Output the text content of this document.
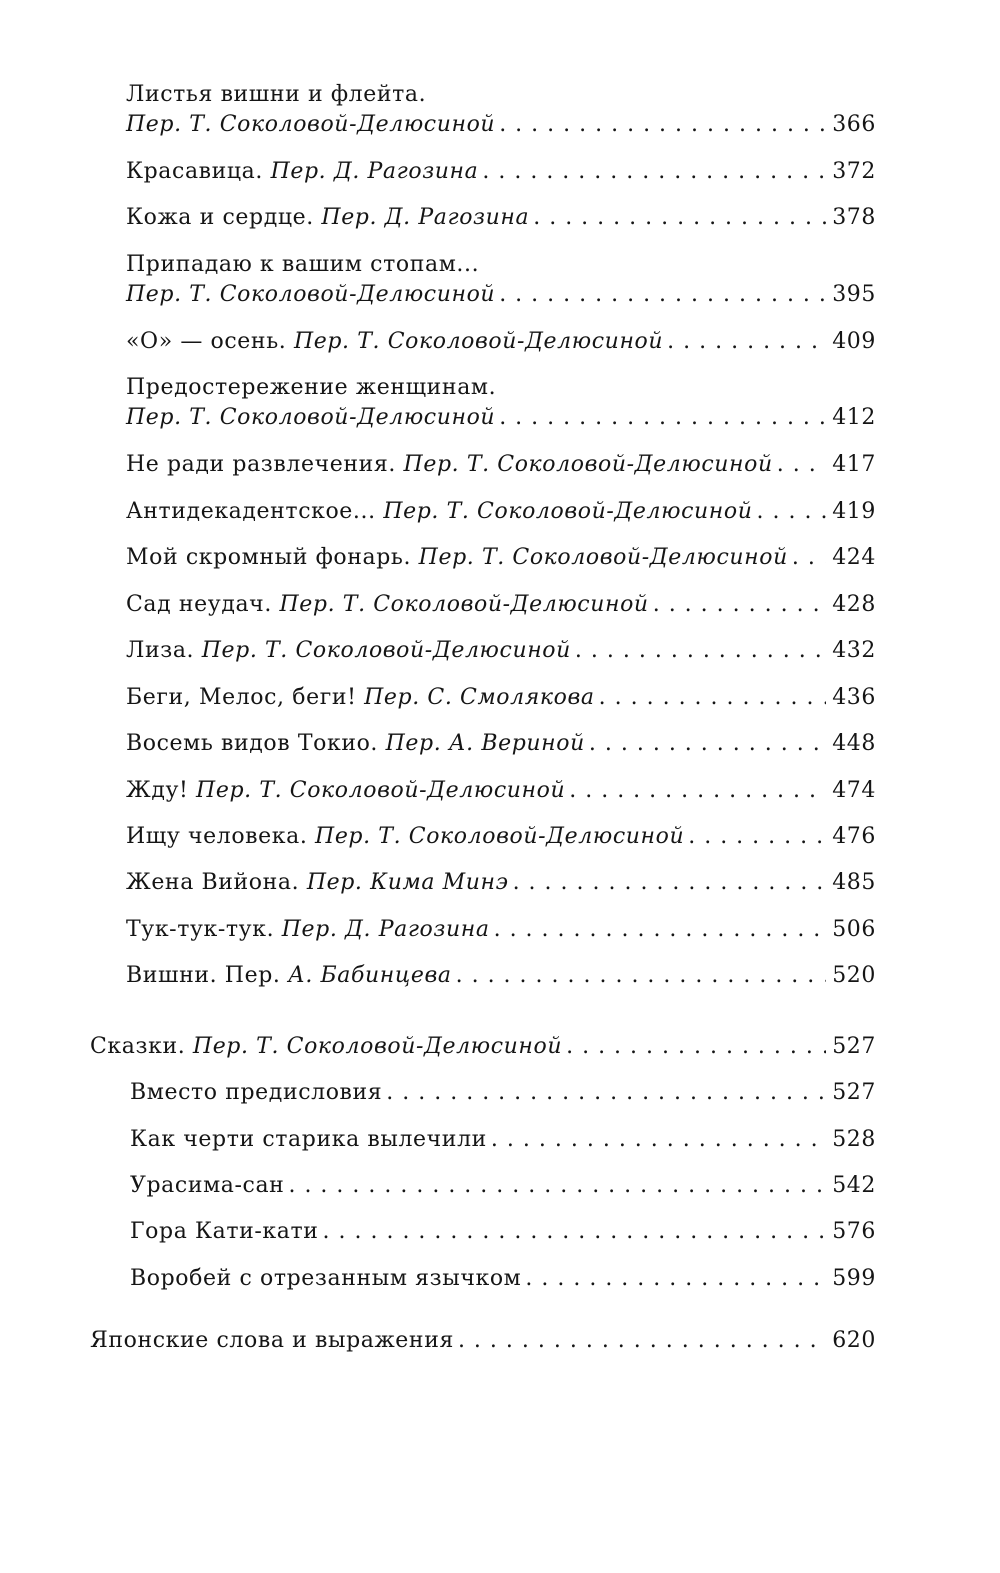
Листья вишни и флейта.
Пер. Т. Соколовой-Делюсиной . . .	366
Красавица.
Пер. Д. Рагозина . . .	372
Кожа и сердце.
Пер. Д. Рагозина . . .	378
Припадаю к вашим стопам...
Пер. Т. Соколовой-Делюсиной . . .	395
«О» — осень.
Пер. Т. Соколовой-Делюсиной . . .	409
Предостережение женщинам.
Пер. Т. Соколовой-Делюсиной . . .	412
Не ради развлечения.
Пер. Т. Соколовой-Делюсиной . . .	417
Антидекадентское...
Пер. Т. Соколовой-Делюсиной . . .	419
Мой скромный фонарь.
Пер. Т. Соколовой-Делюсиной . . . 424
Сад неудач.
Пер. Т. Соколовой-Делюсиной . . .	428
Лиза.
Пер. Т. Соколовой-Делюсиной . . .	432
Беги, Мелос, беги!
Пер. С. Смолякова . . .	436
Восемь видов Токио.
Пер. А. Вериной . . .	448
Жду!
Пер. Т. Соколовой-Делюсиной . . .	474
Ищу человека.
Пер. Т. Соколовой-Делюсиной . . .	476
Жена Вийона.
Пер. Кима Минэ . . .	485
Тук-тук-тук.
Пер. Д. Рагозина . . .	506
Вишни. Пер.
А. Бабинцева . . .	520
Сказки.
Пер. Т. Соколовой-Делюсиной . . .	527
Вместо предисловия . . .	527
Как черти старика вылечили . . .	528
Урасима-сан . . .	542
Гора Кати-кати . . .	576
Воробей с отрезанным язычком . . .	599
Японские слова и выражения . . .	620
